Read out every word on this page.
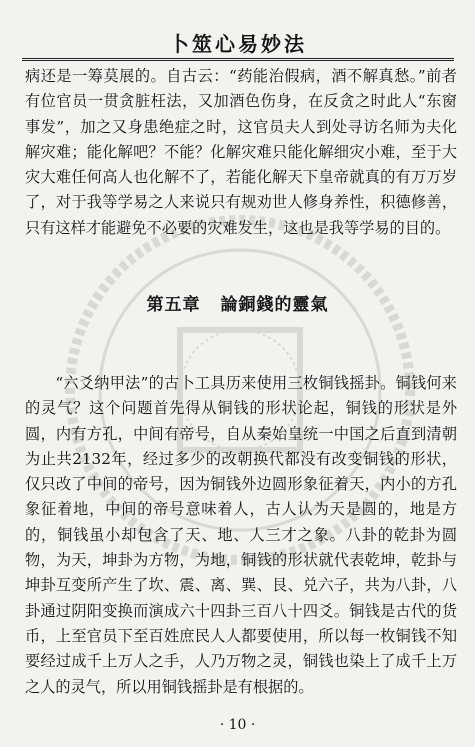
卜筮心易妙法

病还是一筹莫展的。自古云：“药能治假病，酒不解真愁。”前者有位官员一贯贪脏枉法，又加酒色伤身，在反贪之时此人“东窗事发”，加之又身患绝症之时，这官员夫人到处寻访名师为夫化解灾难；能化解吧？不能？化解灾难只能化解细灾小难，至于大灾大难任何高人也化解不了，若能化解天下皇帝就真的有万万岁了，对于我等学易之人来说只有规劝世人修身养性，积德修善，只有这样才能避免不必要的灾难发生，这也是我等学易的目的。

第五章 論銅錢的靈氣

“六爻纳甲法”的古卜工具历来使用三枚铜钱摇卦。铜钱何来的灵气？这个问题首先得从铜钱的形状论起，铜钱的形状是外圆，内有方孔，中间有帝号，自从秦始皇统一中国之后直到清朝为止共2132年，经过多少的改朝换代都没有改变铜钱的形状，仅只改了中间的帝号，因为铜钱外边圆形象征着天，内小的方孔象征着地，中间的帝号意味着人，古人认为天是圆的，地是方的，铜钱虽小却包含了天、地、人三才之象。八卦的乾卦为圆物，为天，坤卦为方物，为地，铜钱的形状就代表乾坤，乾卦与坤卦互变所产生了坎、震、离、巽、艮、兑六子，共为八卦，八卦通过阴阳变换而演成六十四卦三百八十四爻。铜钱是古代的货币，上至官员下至百姓庶民人人都要使用，所以每一枚铜钱不知要经过成千上万人之手，人乃万物之灵，铜钱也染上了成千上万之人的灵气，所以用铜钱摇卦是有根据的。

· 10 ·
